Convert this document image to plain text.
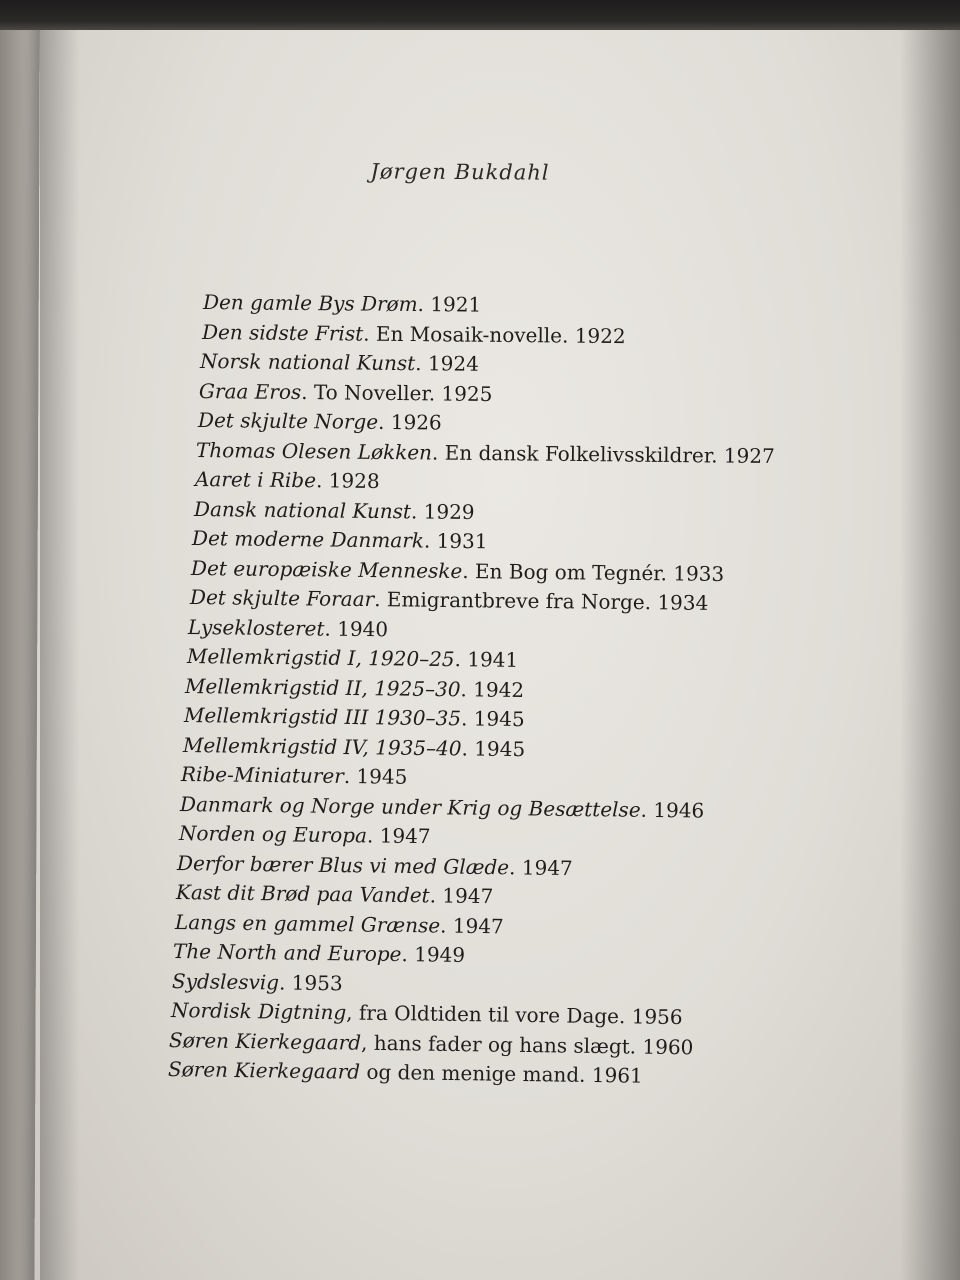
Jørgen Bukdahl
Den gamle Bys Drøm. 1921
Den sidste Frist. En Mosaik-novelle. 1922
Norsk national Kunst. 1924
Graa Eros. To Noveller. 1925
Det skjulte Norge. 1926
Thomas Olesen Løkken. En dansk Folkelivsskildrer. 1927
Aaret i Ribe. 1928
Dansk national Kunst. 1929
Det moderne Danmark. 1931
Det europæiske Menneske. En Bog om Tegnér. 1933
Det skjulte Foraar. Emigrantbreve fra Norge. 1934
Lyseklosteret. 1940
Mellemkrigstid I, 1920–25. 1941
Mellemkrigstid II, 1925–30. 1942
Mellemkrigstid III 1930–35. 1945
Mellemkrigstid IV, 1935–40. 1945
Ribe-Miniaturer. 1945
Danmark og Norge under Krig og Besættelse. 1946
Norden og Europa. 1947
Derfor bærer Blus vi med Glæde. 1947
Kast dit Brød paa Vandet. 1947
Langs en gammel Grænse. 1947
The North and Europe. 1949
Sydslesvig. 1953
Nordisk Digtning, fra Oldtiden til vore Dage. 1956
Søren Kierkegaard, hans fader og hans slægt. 1960
Søren Kierkegaard og den menige mand. 1961
